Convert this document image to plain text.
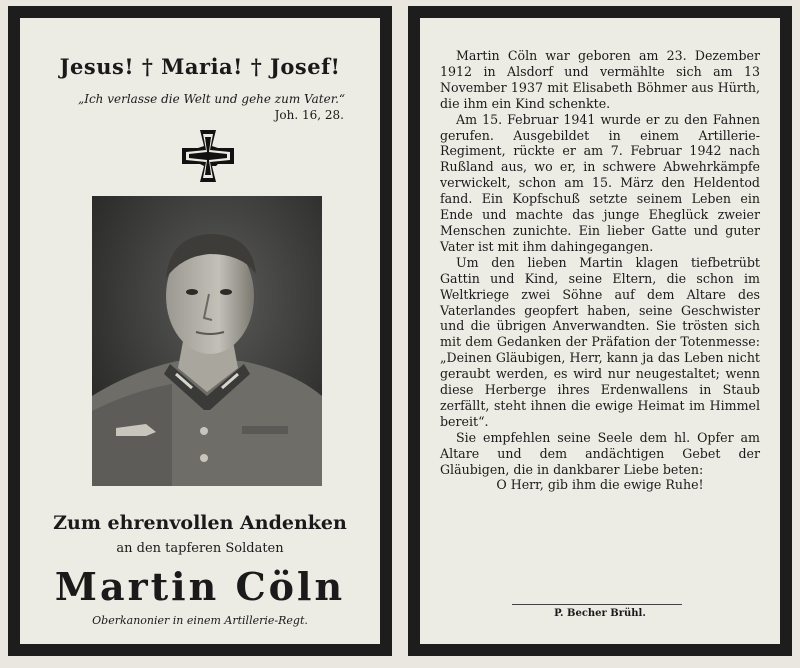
Jesus! † Maria! † Josef!
„Ich verlasse die Welt und gehe zum Vater.“
Joh. 16, 28.
1939
Zum ehrenvollen Andenken
an den tapferen Soldaten
Martin Cöln
Oberkanonier in einem Artillerie-Regt.

Martin Cöln war geboren am 23. Dezember 1912 in Alsdorf und vermählte sich am 13 November 1937 mit Elisabeth Böhmer aus Hürth, die ihm ein Kind schenkte.

Am 15. Februar 1941 wurde er zu den Fahnen gerufen. Ausgebildet in einem Artillerie-Regiment, rückte er am 7. Februar 1942 nach Rußland aus, wo er, in schwere Abwehrkämpfe verwickelt, schon am 15. März den Heldentod fand. Ein Kopfschuß setzte seinem Leben ein Ende und machte das junge Eheglück zweier Menschen zunichte. Ein lieber Gatte und guter Vater ist mit ihm dahingegangen.

Um den lieben Martin klagen tiefbetrübt Gattin und Kind, seine Eltern, die schon im Weltkriege zwei Söhne auf dem Altare des Vaterlandes geopfert haben, seine Geschwister und die übrigen Anverwandten. Sie trösten sich mit dem Gedanken der Präfation der Totenmesse: „Deinen Gläubigen, Herr, kann ja das Leben nicht geraubt werden, es wird nur neugestaltet; wenn diese Herberge ihres Erdenwallens in Staub zerfällt, steht ihnen die ewige Heimat im Himmel bereit“.

Sie empfehlen seine Seele dem hl. Opfer am Altare und dem andächtigen Gebet der Gläubigen, die in dankbarer Liebe beten:

O Herr, gib ihm die ewige Ruhe!

P. Becher Brühl.
